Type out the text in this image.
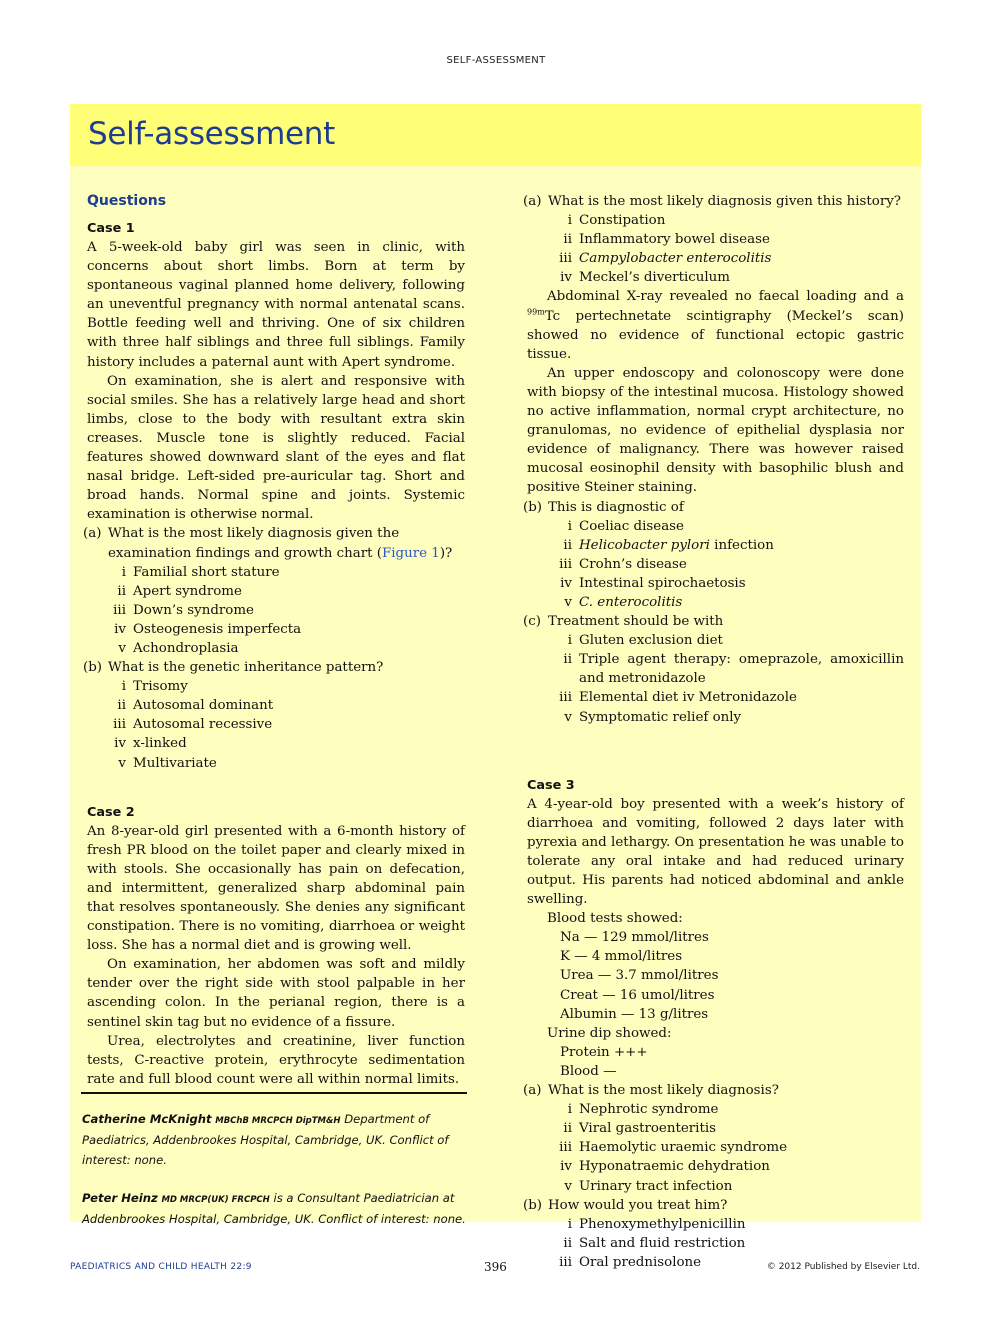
SELF-ASSESSMENT
Self-assessment
Questions
Case 1

A 5-week-old baby girl was seen in clinic, with concerns about short limbs. Born at term by spontaneous vaginal planned home delivery, following an uneventful pregnancy with normal antenatal scans. Bottle feeding well and thriving. One of six children with three half siblings and three full siblings. Family history includes a paternal aunt with Apert syndrome.

On examination, she is alert and responsive with social smiles. She has a relatively large head and short limbs, close to the body with resultant extra skin creases. Muscle tone is slightly reduced. Facial features showed downward slant of the eyes and flat nasal bridge. Left-sided pre-auricular tag. Short and broad hands. Normal spine and joints. Systemic examination is otherwise normal.

(a) What is the most likely diagnosis given the examination findings and growth chart (Figure 1)?
i Familial short stature
ii Apert syndrome
iii Down’s syndrome
iv Osteogenesis imperfecta
v Achondroplasia
(b) What is the genetic inheritance pattern?
i Trisomy
ii Autosomal dominant
iii Autosomal recessive
iv x-linked
v Multivariate
Case 2

An 8-year-old girl presented with a 6-month history of fresh PR blood on the toilet paper and clearly mixed in with stools. She occasionally has pain on defecation, and intermittent, generalized sharp abdominal pain that resolves spontaneously. She denies any significant constipation. There is no vomiting, diarrhoea or weight loss. She has a normal diet and is growing well.

On examination, her abdomen was soft and mildly tender over the right side with stool palpable in her ascending colon. In the perianal region, there is a sentinel skin tag but no evidence of a fissure.

Urea, electrolytes and creatinine, liver function tests, C-reactive protein, erythrocyte sedimentation rate and full blood count were all within normal limits.

Catherine McKnight MBChB MRCPCH DipTM&H Department of Paediatrics, Addenbrookes Hospital, Cambridge, UK. Conflict of interest: none.
Peter Heinz MD MRCP(UK) FRCPCH is a Consultant Paediatrician at Addenbrookes Hospital, Cambridge, UK. Conflict of interest: none.
(a) What is the most likely diagnosis given this history?
i Constipation
ii Inflammatory bowel disease
iii Campylobacter enterocolitis
iv Meckel’s diverticulum

Abdominal X-ray revealed no faecal loading and a $^{99m}$Tc pertechnetate scintigraphy (Meckel’s scan) showed no evidence of functional ectopic gastric tissue.

An upper endoscopy and colonoscopy were done with biopsy of the intestinal mucosa. Histology showed no active inflammation, normal crypt architecture, no granulomas, no evidence of epithelial dysplasia nor evidence of malignancy. There was however raised mucosal eosinophil density with basophilic blush and positive Steiner staining.

(b) This is diagnostic of
i Coeliac disease
ii Helicobacter pylori infection
iii Crohn’s disease
iv Intestinal spirochaetosis
v C. enterocolitis
(c) Treatment should be with
i Gluten exclusion diet
ii Triple agent therapy: omeprazole, amoxicillin and metronidazole
iii Elemental diet iv Metronidazole
v Symptomatic relief only
Case 3

A 4-year-old boy presented with a week’s history of diarrhoea and vomiting, followed 2 days later with pyrexia and lethargy. On presentation he was unable to tolerate any oral intake and had reduced urinary output. His parents had noticed abdominal and ankle swelling.

Blood tests showed:
Na — 129 mmol/litres
K — 4 mmol/litres
Urea — 3.7 mmol/litres
Creat — 16 umol/litres
Albumin — 13 g/litres
Urine dip showed:
Protein +++
Blood —
(a) What is the most likely diagnosis?
i Nephrotic syndrome
ii Viral gastroenteritis
iii Haemolytic uraemic syndrome
iv Hyponatraemic dehydration
v Urinary tract infection
(b) How would you treat him?
i Phenoxymethylpenicillin
ii Salt and fluid restriction
iii Oral prednisolone
PAEDIATRICS AND CHILD HEALTH 22:9	396	© 2012 Published by Elsevier Ltd.
